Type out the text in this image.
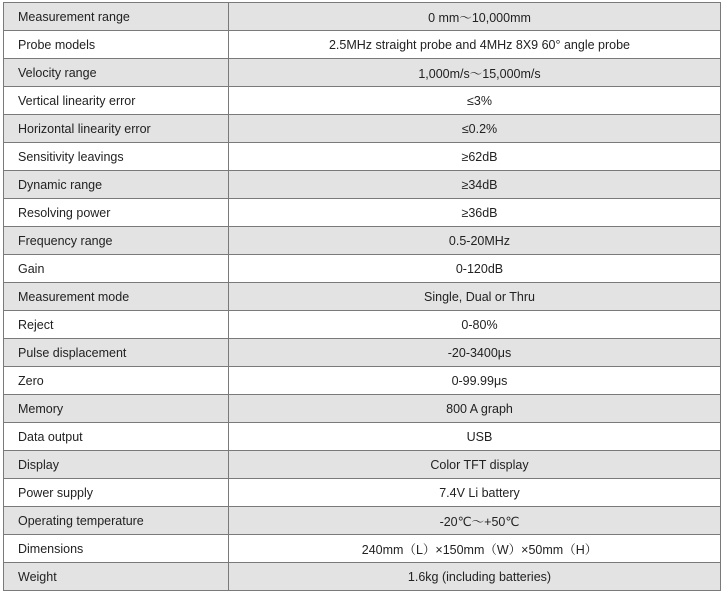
Measurement range	0 mm～10,000mm
Probe models	2.5MHz straight probe and 4MHz 8X9 60° angle probe
Velocity range	1,000m/s～15,000m/s
Vertical linearity error	≤3%
Horizontal linearity error	≤0.2%
Sensitivity leavings	≥62dB
Dynamic range	≥34dB
Resolving power	≥36dB
Frequency range	0.5-20MHz
Gain	0-120dB
Measurement mode	Single, Dual or Thru
Reject	0-80%
Pulse displacement	-20-3400μs
Zero	0-99.99μs
Memory	800 A graph
Data output	USB
Display	Color TFT display
Power supply	7.4V Li battery
Operating temperature	-20℃～+50℃
Dimensions	240mm（L）×150mm（W）×50mm（H）
Weight	1.6kg (including batteries)
